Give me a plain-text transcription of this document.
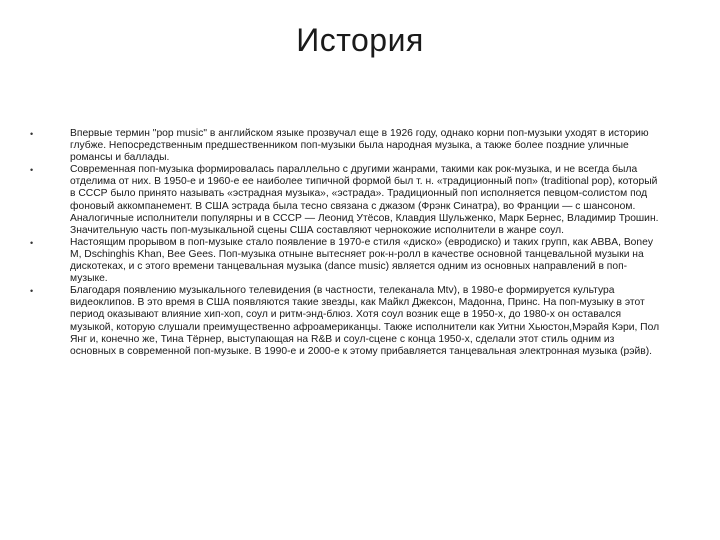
История
•	Впервые термин "pop music" в английском языке прозвучал еще в 1926 году, однако корни поп-музыки уходят в историю глубже. Непосредственным предшественником поп-музыки была народная музыка, а также более поздние уличные романсы и баллады.
•	Современная поп-музыка формировалась параллельно с другими жанрами, такими как рок-музыка, и не всегда была отделима от них. В 1950-е и 1960-е ее наиболее типичной формой был т. н. «традиционный поп» (traditional pop), который в СССР было принято называть «эстрадная музыка», «эстрада». Традиционный поп исполняется певцом-солистом под фоновый аккомпанемент. В США эстрада была тесно связана с джазом (Фрэнк Синатра), во Франции — с шансоном. Аналогичные исполнители популярны и в СССР — Леонид Утёсов, Клавдия Шульженко, Марк Бернес, Владимир Трошин. Значительную часть поп-музыкальной сцены США составляют чернокожие исполнители в жанре соул.
•	Настоящим прорывом в поп-музыке стало появление в 1970-е стиля «диско» (евродиско) и таких групп, как ABBA, Boney M, Dschinghis Khan, Bee Gees. Поп-музыка отныне вытесняет рок-н-ролл в качестве основной танцевальной музыки на дискотеках, и с этого времени танцевальная музыка (dance music) является одним из основных направлений в поп-музыке.
•	Благодаря появлению музыкального телевидения (в частности, телеканала Mtv), в 1980-е формируется культура видеоклипов. В это время в США появляются такие звезды, как Майкл Джексон, Мадонна, Принс. На поп-музыку в этот период оказывают влияние хип-хоп, соул и ритм-энд-блюз. Хотя соул возник еще в 1950-х, до 1980-х он оставался музыкой, которую слушали преимущественно афроамериканцы. Также исполнители как Уитни Хьюстон,Мэрайя Кэри, Пол Янг и, конечно же, Тина Тёрнер, выступающая на R&B и соул-сцене с конца 1950-х, сделали этот стиль одним из основных в современной поп-музыке. В 1990-е и 2000-е к этому прибавляется танцевальная электронная музыка (рэйв).
